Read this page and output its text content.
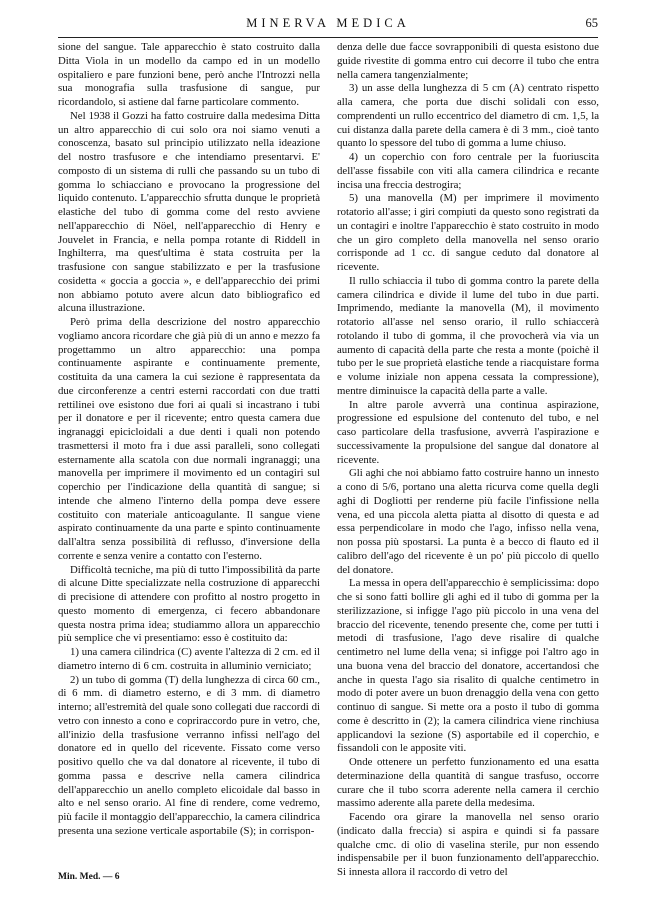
MINERVA MEDICA	65

sione del sangue. Tale apparecchio è stato costruito dalla Ditta Viola in un modello da campo ed in un modello ospitaliero e pare funzioni bene, però anche l'Introzzi nella sua monografia sulla trasfusione di sangue, pur ricordandolo, si astiene dal farne particolare commento.

Nel 1938 il Gozzi ha fatto costruire dalla medesima Ditta un altro apparecchio di cui solo ora noi siamo venuti a conoscenza, basato sul principio utilizzato nella ideazione del nostro trasfusore e che intendiamo presentarvi. E' composto di un sistema di rulli che passando su un tubo di gomma lo schiacciano e provocano la progressione del liquido contenuto. L'apparecchio sfrutta dunque le proprietà elastiche del tubo di gomma come del resto avviene nell'apparecchio di Nöel, nell'apparecchio di Henry e Jouvelet in Francia, e nella pompa rotante di Riddell in Inghilterra, ma quest'ultima è stata costruita per la trasfusione con sangue stabilizzato e per la trasfusione cosidetta « goccia a goccia », e dell'apparecchio dei primi non abbiamo potuto avere alcun dato bibliografico ed alcuna illustrazione.

Però prima della descrizione del nostro apparecchio vogliamo ancora ricordare che già più di un anno e mezzo fa progettammo un altro apparecchio: una pompa continuamente aspirante e continuamente premente, costituita da una camera la cui sezione è rappresentata da due circonferenze a centri esterni raccordati con due tratti rettilinei ove esistono due fori ai quali si incastrano i tubi per il donatore e per il ricevente; entro questa camera due ingranaggi epicicloidali a due denti i quali non potendo trasmettersi il moto fra i due assi paralleli, sono collegati esternamente alla scatola con due normali ingranaggi; una manovella per imprimere il movimento ed un contagiri sul coperchio per l'indicazione della quantità di sangue; si intende che almeno l'interno della pompa deve essere costituito con materiale anticoagulante. Il sangue viene aspirato continuamente da una parte e spinto continuamente dall'altra senza possibilità di reflusso, d'inversione della corrente e senza venire a contatto con l'esterno.

Difficoltà tecniche, ma più di tutto l'impossibilità da parte di alcune Ditte specializzate nella costruzione di apparecchi di precisione di attendere con profitto al nostro progetto in questo momento di emergenza, ci fecero abbandonare questa nostra prima idea; studiammo allora un apparecchio più semplice che vi presentiamo: esso è costituito da:

1) una camera cilindrica (C) avente l'altezza di 2 cm. ed il diametro interno di 6 cm. costruita in alluminio verniciato;

2) un tubo di gomma (T) della lunghezza di circa 60 cm., di 6 mm. di diametro esterno, e di 3 mm. di diametro interno; all'estremità del quale sono collegati due raccordi di vetro con innesto a cono e copriraccordo pure in vetro, che, all'inizio della trasfusione verranno infissi nell'ago del donatore ed in quello del ricevente. Fissato come verso positivo quello che va dal donatore al ricevente, il tubo di gomma passa e descrive nella camera cilindrica dell'apparecchio un anello completo elicoidale dal basso in alto e nel senso orario. Al fine di rendere, come vedremo, più facile il montaggio dell'apparecchio, la camera cilindrica presenta una sezione verticale asportabile (S); in corrispon-

denza delle due facce sovrapponibili di questa esistono due guide rivestite di gomma entro cui decorre il tubo che entra nella camera tangenzialmente;

3) un asse della lunghezza di 5 cm (A) centrato rispetto alla camera, che porta due dischi solidali con esso, comprendenti un rullo eccentrico del diametro di cm. 1,5, la cui distanza dalla parete della camera è di 3 mm., cioè tanto quanto lo spessore del tubo di gomma a lume chiuso.

4) un coperchio con foro centrale per la fuoriuscita dell'asse fissabile con viti alla camera cilindrica e recante incisa una freccia destrogira;

5) una manovella (M) per imprimere il movimento rotatorio all'asse; i giri compiuti da questo sono registrati da un contagiri e inoltre l'apparecchio è stato costruito in modo che un giro completo della manovella nel senso orario corrisponde ad 1 cc. di sangue ceduto dal donatore al ricevente.

Il rullo schiaccia il tubo di gomma contro la parete della camera cilindrica e divide il lume del tubo in due parti. Imprimendo, mediante la manovella (M), il movimento rotatorio all'asse nel senso orario, il rullo schiaccerà rotolando il tubo di gomma, il che provocherà via via un aumento di capacità della parte che resta a monte (poichè il tubo per le sue proprietà elastiche tende a riacquistare forma e volume iniziale non appena cessata la compressione), mentre diminuisce la capacità della parte a valle.

In altre parole avverrà una continua aspirazione, progressione ed espulsione del contenuto del tubo, e nel caso particolare della trasfusione, avverrà l'aspirazione e successivamente la propulsione del sangue dal donatore al ricevente.

Gli aghi che noi abbiamo fatto costruire hanno un innesto a cono di 5/6, portano una aletta ricurva come quella degli aghi di Dogliotti per renderne più facile l'infissione nella vena, ed una piccola aletta piatta al disotto di questa e ad essa perpendicolare in modo che l'ago, infisso nella vena, non possa più spostarsi. La punta è a becco di flauto ed il calibro dell'ago del ricevente è un po' più piccolo di quello del donatore.

La messa in opera dell'apparecchio è semplicissima: dopo che si sono fatti bollire gli aghi ed il tubo di gomma per la sterilizzazione, si infigge l'ago più piccolo in una vena del braccio del ricevente, tenendo presente che, come per tutti i metodi di trasfusione, l'ago deve risalire di qualche centimetro nel lume della vena; si infigge poi l'altro ago in una buona vena del braccio del donatore, accertandosi che anche in questa l'ago sia risalito di qualche centimetro in modo di poter avere un buon drenaggio della vena con getto continuo di sangue. Si mette ora a posto il tubo di gomma come è descritto in (2); la camera cilindrica viene rinchiusa applicandovi la sezione (S) asportabile ed il coperchio, e fissandoli con le apposite viti.

Onde ottenere un perfetto funzionamento ed una esatta determinazione della quantità di sangue trasfuso, occorre curare che il tubo scorra aderente nella camera il cerchio massimo aderente alla parete della medesima.

Facendo ora girare la manovella nel senso orario (indicato dalla freccia) si aspira e quindi si fa passare qualche cmc. di olio di vaselina sterile, pur non essendo indispensabile per il buon funzionamento dell'apparecchio. Si innesta allora il raccordo di vetro del

Min. Med. — 6
